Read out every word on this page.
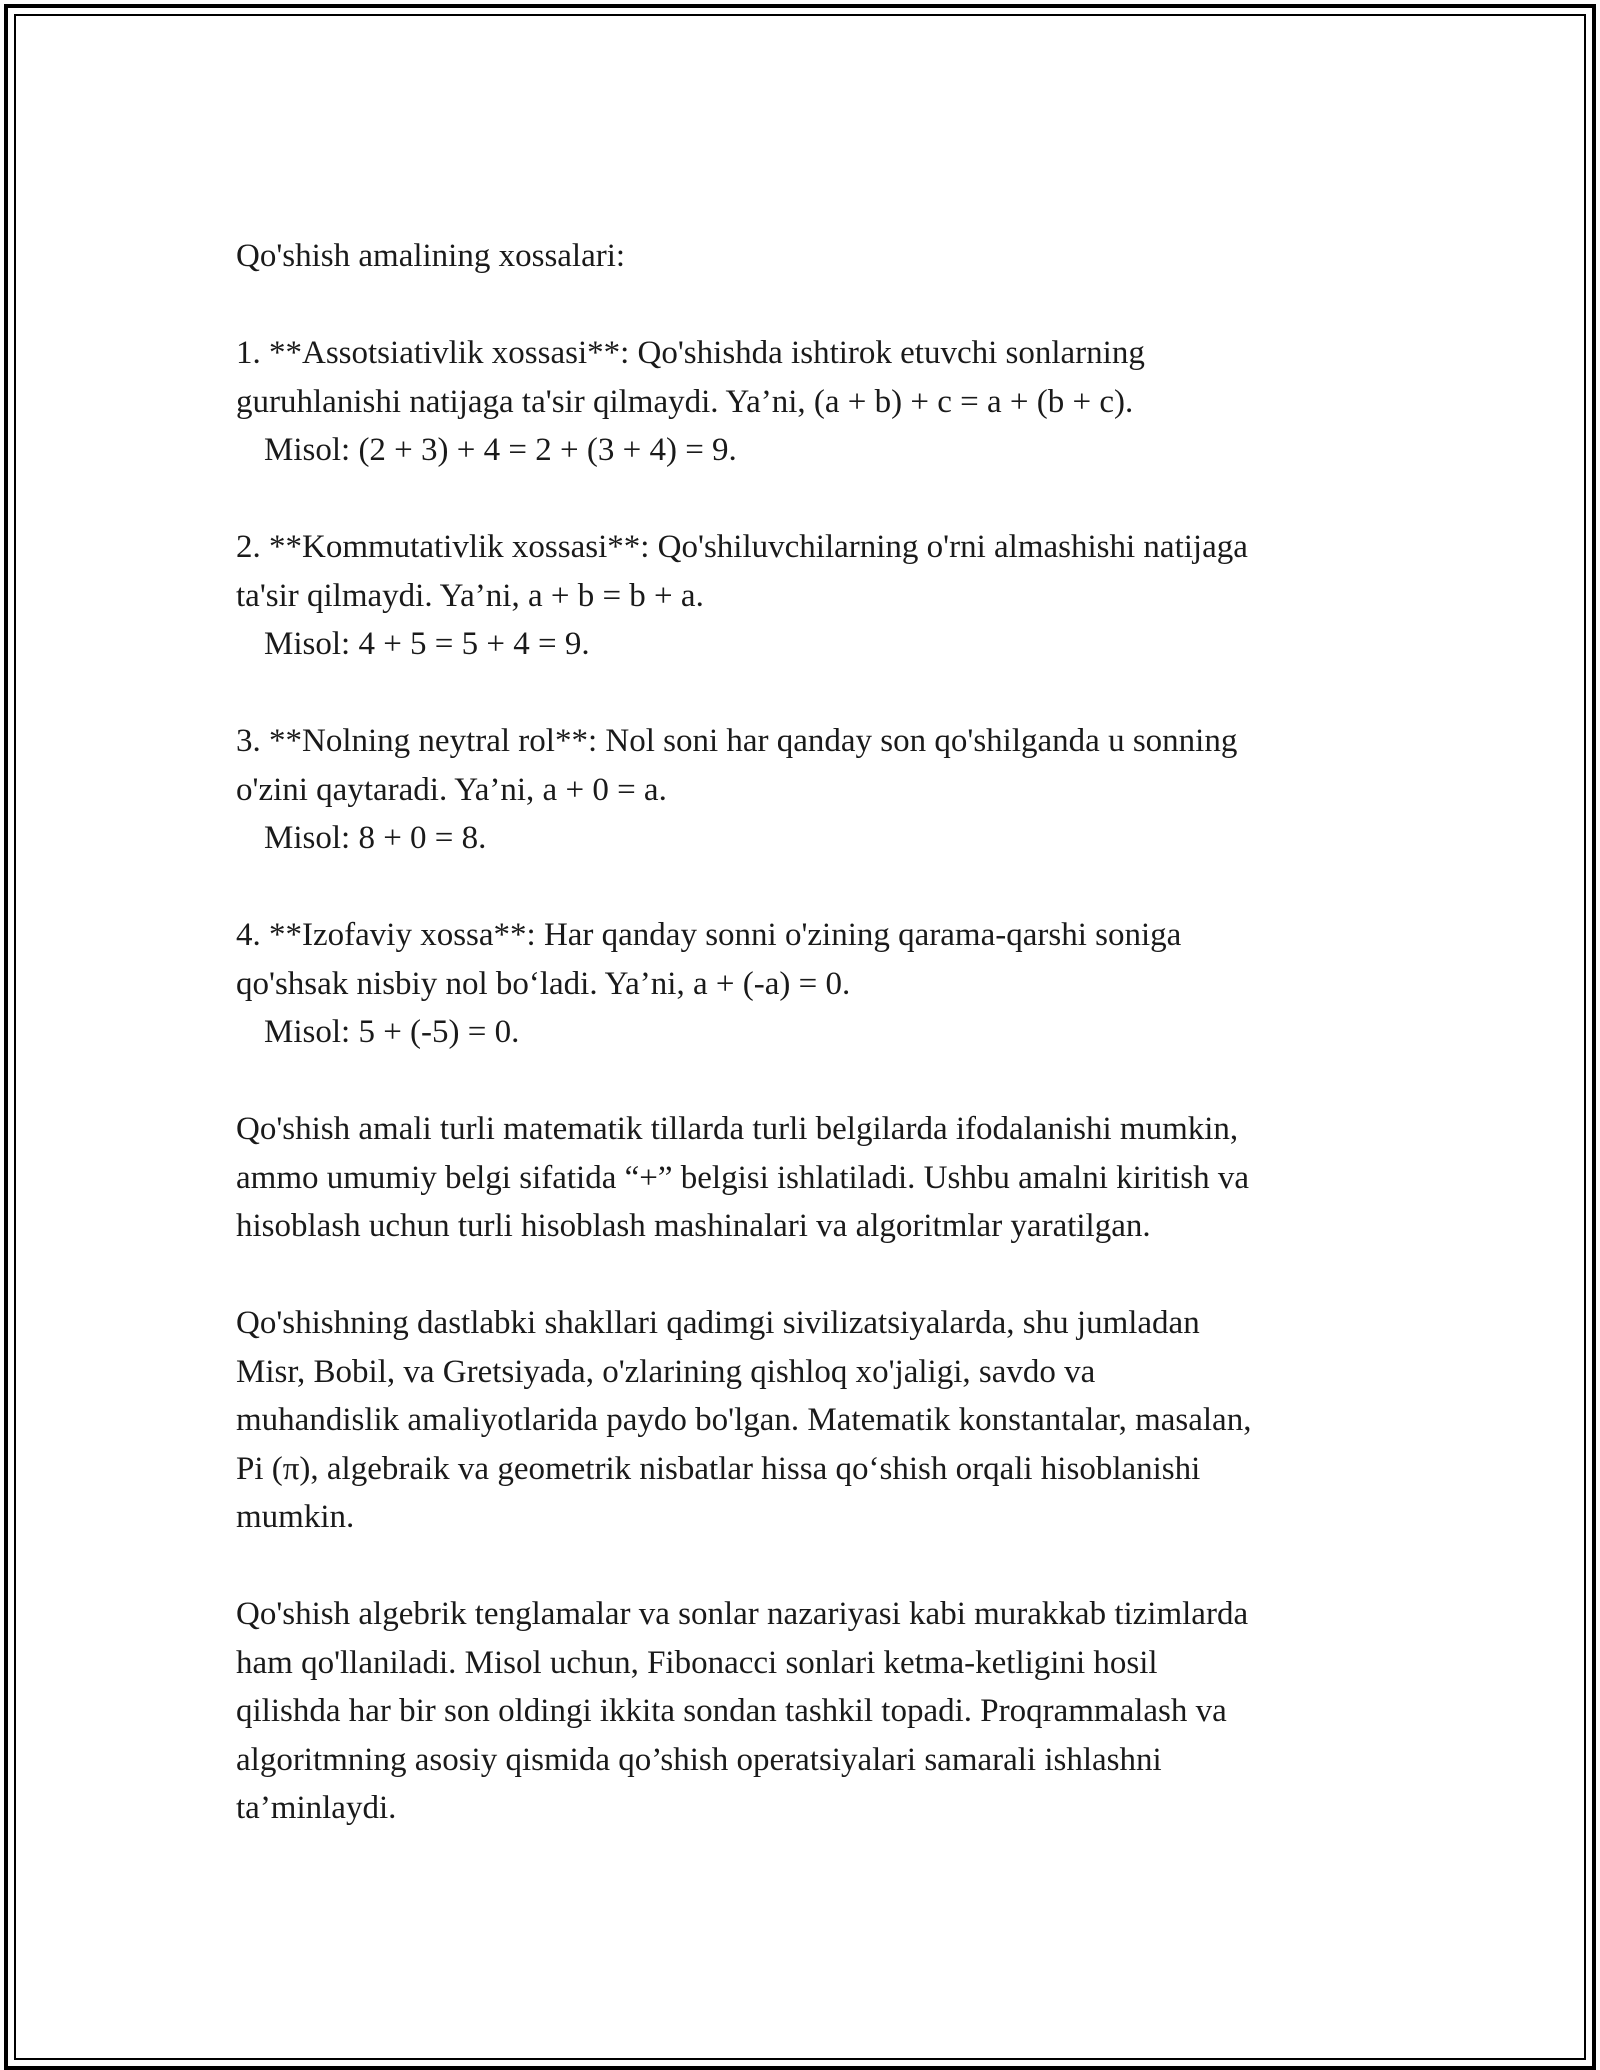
Qo'shish amalining xossalari:

1. **Assotsiativlik xossasi**: Qo'shishda ishtirok etuvchi sonlarning

guruhlanishi natijaga ta'sir qilmaydi. Ya’ni, (a + b) + c = a + (b + c).

Misol: (2 + 3) + 4 = 2 + (3 + 4) = 9.

2. **Kommutativlik xossasi**: Qo'shiluvchilarning o'rni almashishi natijaga

ta'sir qilmaydi. Ya’ni, a + b = b + a.

Misol: 4 + 5 = 5 + 4 = 9.

3. **Nolning neytral rol**: Nol soni har qanday son qo'shilganda u sonning

o'zini qaytaradi. Ya’ni, a + 0 = a.

Misol: 8 + 0 = 8.

4. **Izofaviy xossa**: Har qanday sonni o'zining qarama-qarshi soniga

qo'shsak nisbiy nol bo‘ladi. Ya’ni, a + (-a) = 0.

Misol: 5 + (-5) = 0.

Qo'shish amali turli matematik tillarda turli belgilarda ifodalanishi mumkin,

ammo umumiy belgi sifatida “+” belgisi ishlatiladi. Ushbu amalni kiritish va

hisoblash uchun turli hisoblash mashinalari va algoritmlar yaratilgan.

Qo'shishning dastlabki shakllari qadimgi sivilizatsiyalarda, shu jumladan

Misr, Bobil, va Gretsiyada, o'zlarining qishloq xo'jaligi, savdo va

muhandislik amaliyotlarida paydo bo'lgan. Matematik konstantalar, masalan,

Pi (π), algebraik va geometrik nisbatlar hissa qo‘shish orqali hisoblanishi

mumkin.

Qo'shish algebrik tenglamalar va sonlar nazariyasi kabi murakkab tizimlarda

ham qo'llaniladi. Misol uchun, Fibonacci sonlari ketma-ketligini hosil

qilishda har bir son oldingi ikkita sondan tashkil topadi. Proqrammalash va

algoritmning asosiy qismida qo’shish operatsiyalari samarali ishlashni

ta’minlaydi.
